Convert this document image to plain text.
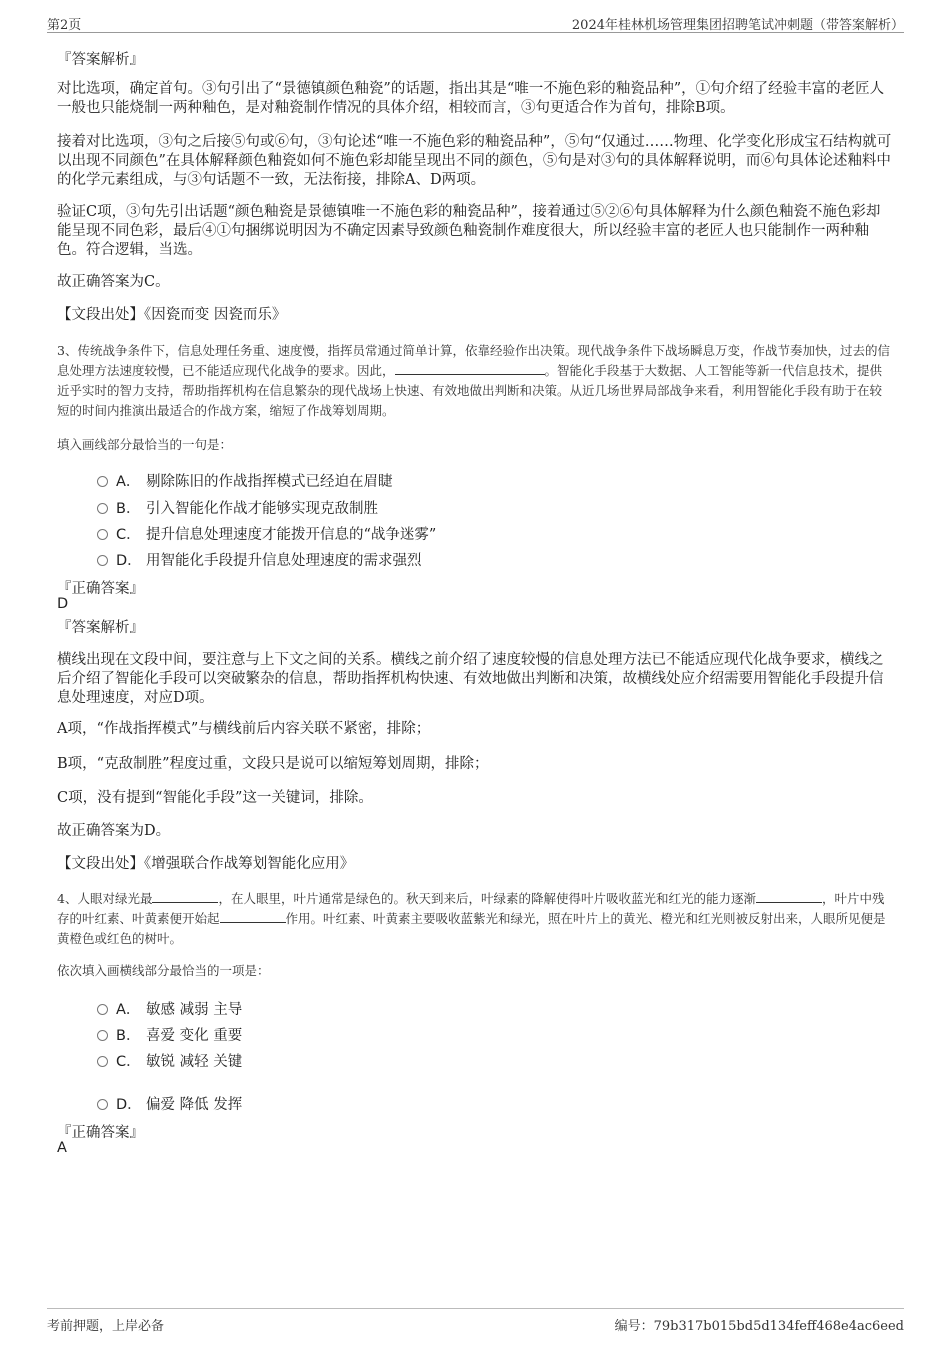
第2页	2024年桂林机场管理集团招聘笔试冲刺题（带答案解析）
『答案解析』

对比选项，确定首句。③句引出了“景德镇颜色釉瓷”的话题，指出其是“唯一不施色彩的釉瓷品种”，①句介绍了经验丰富的老匠人一般也只能烧制一两种釉色，是对釉瓷制作情况的具体介绍，相较而言，③句更适合作为首句，排除B项。

接着对比选项，③句之后接⑤句或⑥句，③句论述“唯一不施色彩的釉瓷品种”，⑤句“仅通过……物理、化学变化形成宝石结构就可以出现不同颜色”在具体解释颜色釉瓷如何不施色彩却能呈现出不同的颜色，⑤句是对③句的具体解释说明，而⑥句具体论述釉料中的化学元素组成，与③句话题不一致，无法衔接，排除A、D两项。

验证C项，③句先引出话题“颜色釉瓷是景德镇唯一不施色彩的釉瓷品种”，接着通过⑤②⑥句具体解释为什么颜色釉瓷不施色彩却能呈现不同色彩，最后④①句捆绑说明因为不确定因素导致颜色釉瓷制作难度很大，所以经验丰富的老匠人也只能制作一两种釉色。符合逻辑，当选。

故正确答案为C。

【文段出处】《因瓷而变 因瓷而乐》

3、传统战争条件下，信息处理任务重、速度慢，指挥员常通过简单计算，依靠经验作出决策。现代战争条件下战场瞬息万变，作战节奏加快，过去的信息处理方法速度较慢，已不能适应现代化战争的要求。因此，	。智能化手段基于大数据、人工智能等新一代信息技术，提供近乎实时的智力支持，帮助指挥机构在信息繁杂的现代战场上快速、有效地做出判断和决策。从近几场世界局部战争来看，利用智能化手段有助于在较短的时间内推演出最适合的作战方案，缩短了作战筹划周期。

填入画线部分最恰当的一句是：

A． 剔除陈旧的作战指挥模式已经迫在眉睫
B． 引入智能化作战才能够实现克敌制胜
C． 提升信息处理速度才能拨开信息的“战争迷雾”
D． 用智能化手段提升信息处理速度的需求强烈
『正确答案』
D
『答案解析』

横线出现在文段中间，要注意与上下文之间的关系。横线之前介绍了速度较慢的信息处理方法已不能适应现代化战争要求，横线之后介绍了智能化手段可以突破繁杂的信息，帮助指挥机构快速、有效地做出判断和决策，故横线处应介绍需要用智能化手段提升信息处理速度，对应D项。

A项，“作战指挥模式”与横线前后内容关联不紧密，排除；

B项，“克敌制胜”程度过重，文段只是说可以缩短筹划周期，排除；

C项，没有提到“智能化手段”这一关键词，排除。

故正确答案为D。

【文段出处】《增强联合作战筹划智能化应用》

4、人眼对绿光最	，在人眼里，叶片通常是绿色的。秋天到来后，叶绿素的降解使得叶片吸收蓝光和红光的能力逐渐	，叶片中残存的叶红素、叶黄素便开始起	作用。叶红素、叶黄素主要吸收蓝紫光和绿光，照在叶片上的黄光、橙光和红光则被反射出来，人眼所见便是黄橙色或红色的树叶。

依次填入画横线部分最恰当的一项是：

A． 敏感 减弱 主导
B． 喜爱 变化 重要
C． 敏锐 减轻 关键
D． 偏爱 降低 发挥
『正确答案』
A
考前押题，上岸必备	编号：79b317b015bd5d134feff468e4ac6eed
